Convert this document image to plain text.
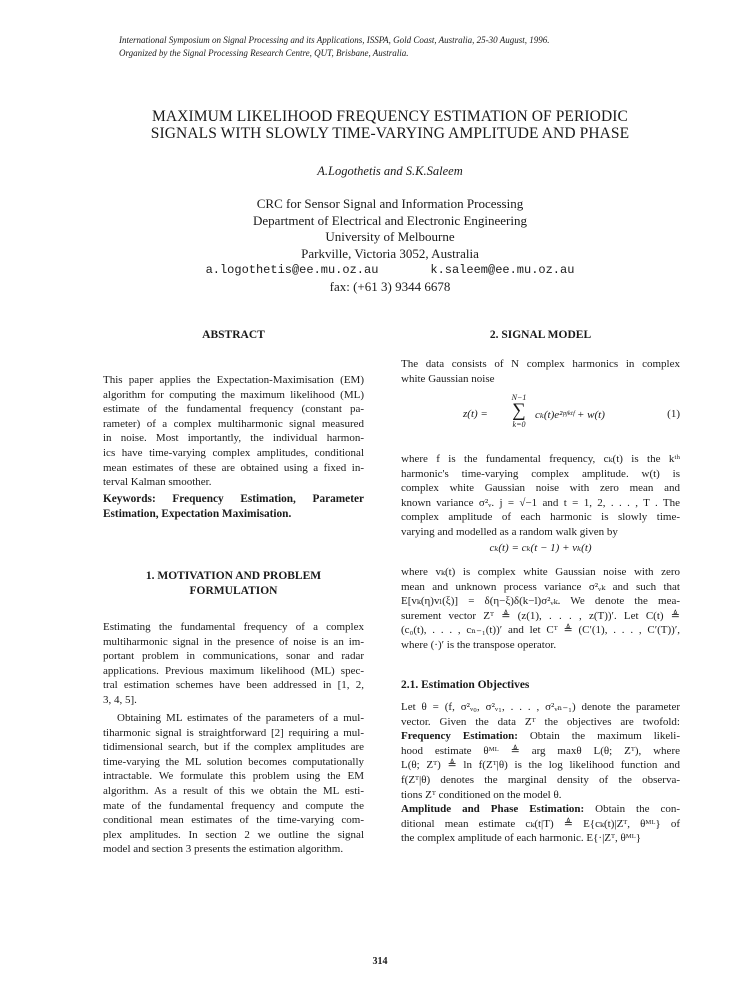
International Symposium on Signal Processing and its Applications, ISSPA, Gold Coast, Australia, 25-30 August, 1996.
Organized by the Signal Processing Research Centre, QUT, Brisbane, Australia.
MAXIMUM LIKELIHOOD FREQUENCY ESTIMATION OF PERIODIC
SIGNALS WITH SLOWLY TIME-VARYING AMPLITUDE AND PHASE
A.Logothetis and S.K.Saleem
CRC for Sensor Signal and Information Processing
Department of Electrical and Electronic Engineering
University of Melbourne
Parkville, Victoria 3052, Australia
a.logothetis@ee.mu.oz.au	k.saleem@ee.mu.oz.au
fax: (+61 3) 9344 6678
ABSTRACT
This paper applies the Expectation-Maximisation (EM)
algorithm for computing the maximum likelihood (ML)
estimate of the fundamental frequency (constant pa-
rameter) of a complex multiharmonic signal measured
in noise. Most importantly, the individual harmon-
ics have time-varying complex amplitudes, conditional
mean estimates of these are obtained using a fixed in-
terval Kalman smoother.
Keywords: Frequency Estimation, Parameter
Estimation, Expectation Maximisation.
1. MOTIVATION AND PROBLEM
FORMULATION
Estimating the fundamental frequency of a complex
multiharmonic signal in the presence of noise is an im-
portant problem in communications, sonar and radar
applications. Previous maximum likelihood (ML) spec-
tral estimation schemes have been addressed in [1, 2,
3, 4, 5].
Obtaining ML estimates of the parameters of a mul-
tiharmonic signal is straightforward [2] requiring a mul-
tidimensional search, but if the complex amplitudes are
time-varying the ML solution becomes computationally
intractable. We formulate this problem using the EM
algorithm. As a result of this we obtain the ML esti-
mate of the fundamental frequency and compute the
conditional mean estimates of the time-varying com-
plex amplitudes. In section 2 we outline the signal
model and section 3 presents the estimation algorithm.
2. SIGNAL MODEL
The data consists of N complex harmonics in complex
white Gaussian noise
z(t) =
N−1
∑
k=0
cₖ(t)e²ᵖʲᵏᵗᶠ + w(t)	(1)
where f is the fundamental frequency, cₖ(t) is the kᵗʰ
harmonic's time-varying complex amplitude. w(t) is
complex white Gaussian noise with zero mean and
known variance σ²ᵥ. j = √−1 and t = 1, 2, . . . , T . The
complex amplitude of each harmonic is slowly time-
varying and modelled as a random walk given by
cₖ(t) = cₖ(t − 1) + vₖ(t)
where vₖ(t) is complex white Gaussian noise with zero
mean and unknown process variance σ²ᵥₖ and such that
E[vₖ(η)vₗ(ξ)] = δ(η−ξ)δ(k−l)σ²ᵥₖ. We denote the mea-
surement vector Zᵀ ≜ (z(1), . . . , z(T))′. Let C(t) ≜
(c₀(t), . . . , cₙ₋₁(t))′ and let Cᵀ ≜ (C′(1), . . . , C′(T))′,
where (·)′ is the transpose operator.
2.1. Estimation Objectives
Let θ = (f, σ²ᵥ₀, σ²ᵥ₁, . . . , σ²ᵥₙ₋₁) denote the parameter
vector. Given the data Zᵀ the objectives are twofold:
Frequency Estimation: Obtain the maximum likeli-
hood estimate θᴹᴸ ≜ arg maxθ L(θ; Zᵀ), where
L(θ; Zᵀ) ≜ ln f(Zᵀ|θ) is the log likelihood function and
f(Zᵀ|θ) denotes the marginal density of the observa-
tions Zᵀ conditioned on the model θ.
Amplitude and Phase Estimation: Obtain the con-
ditional mean estimate cₖ(t|T) ≜ E{cₖ(t)|Zᵀ, θᴹᴸ} of
the complex amplitude of each harmonic. E{·|Zᵀ, θᴹᴸ}
314
